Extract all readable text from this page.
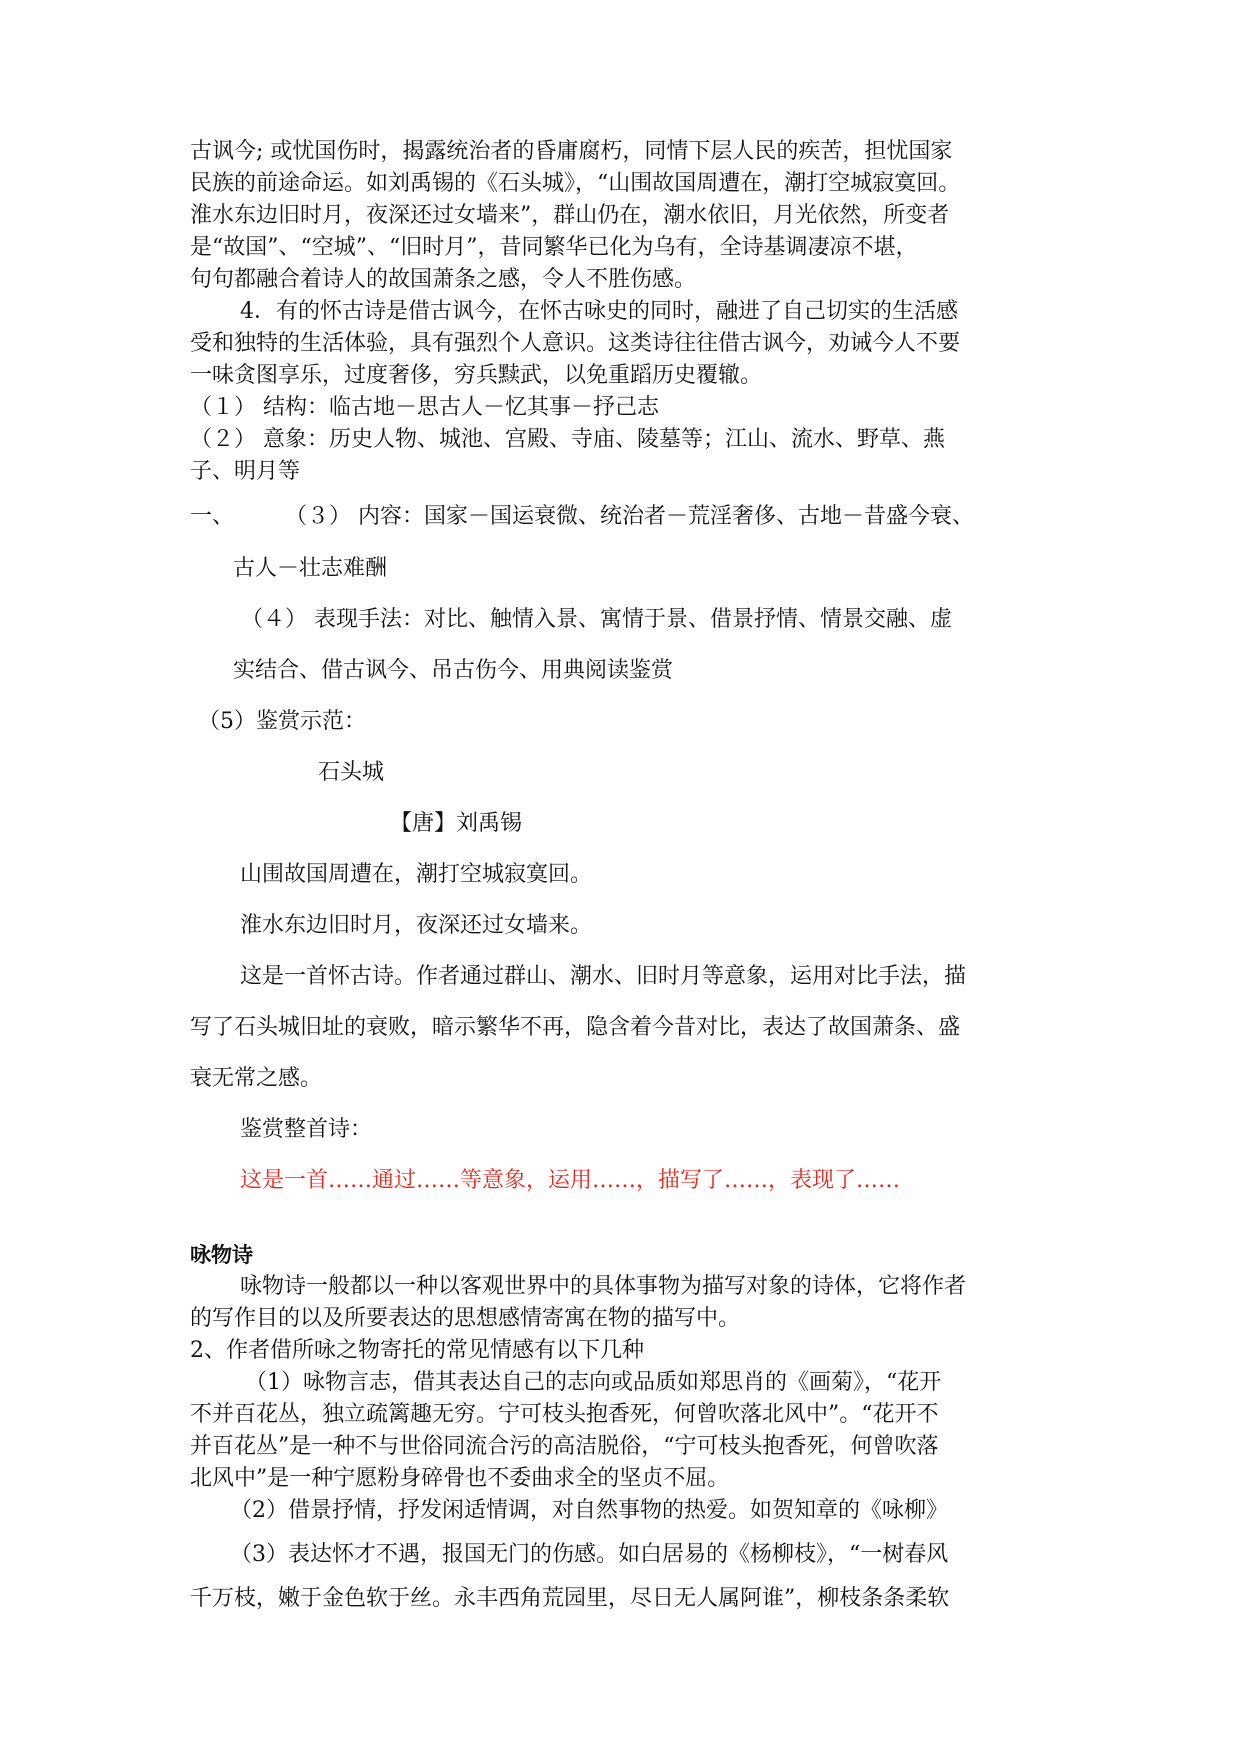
古讽今; 或忧国伤时，揭露统治者的昏庸腐朽，同情下层人民的疾苦，担忧国家
民族的前途命运。如刘禹锡的《石头城》，“山围故国周遭在，潮打空城寂寞回。
淮水东边旧时月，夜深还过女墙来”，群山仍在，潮水依旧，月光依然，所变者
是“故国”、“空城”、“旧时月”，昔同繁华已化为乌有，全诗基调凄凉不堪，
句句都融合着诗人的故国萧条之感，令人不胜伤感。
4．有的怀古诗是借古讽今，在怀古咏史的同时，融进了自己切实的生活感
受和独特的生活体验，具有强烈个人意识。这类诗往往借古讽今，劝诫今人不要
一味贪图享乐，过度奢侈，穷兵黩武，以免重蹈历史覆辙。
（１） 结构：临古地－思古人－忆其事－抒己志
（２） 意象：历史人物、城池、宫殿、寺庙、陵墓等；江山、流水、野草、燕
子、明月等
一、 （３） 内容：国家－国运衰微、统治者－荒淫奢侈、古地－昔盛今衰、
古人－壮志难酬
（４） 表现手法：对比、触情入景、寓情于景、借景抒情、情景交融、虚
实结合、借古讽今、吊古伤今、用典阅读鉴赏
（5）鉴赏示范：
石头城
【唐】刘禹锡
山围故国周遭在，潮打空城寂寞回。
淮水东边旧时月，夜深还过女墙来。
这是一首怀古诗。作者通过群山、潮水、旧时月等意象，运用对比手法，描
写了石头城旧址的衰败，暗示繁华不再，隐含着今昔对比，表达了故国萧条、盛
衰无常之感。
鉴赏整首诗：
这是一首……通过……等意象，运用……，描写了……，表现了……
咏物诗
咏物诗一般都以一种以客观世界中的具体事物为描写对象的诗体，它将作者
的写作目的以及所要表达的思想感情寄寓在物的描写中。
2、作者借所咏之物寄托的常见情感有以下几种
（1）咏物言志，借其表达自己的志向或品质如郑思肖的《画菊》，“花开
不并百花丛，独立疏篱趣无穷。宁可枝头抱香死，何曾吹落北风中”。“花开不
并百花丛”是一种不与世俗同流合污的高洁脱俗，“宁可枝头抱香死，何曾吹落
北风中”是一种宁愿粉身碎骨也不委曲求全的坚贞不屈。
（2）借景抒情，抒发闲适情调，对自然事物的热爱。如贺知章的《咏柳》
（3）表达怀才不遇，报国无门的伤感。如白居易的《杨柳枝》，“一树春风
千万枝，嫩于金色软于丝。永丰西角荒园里，尽日无人属阿谁”，柳枝条条柔软
